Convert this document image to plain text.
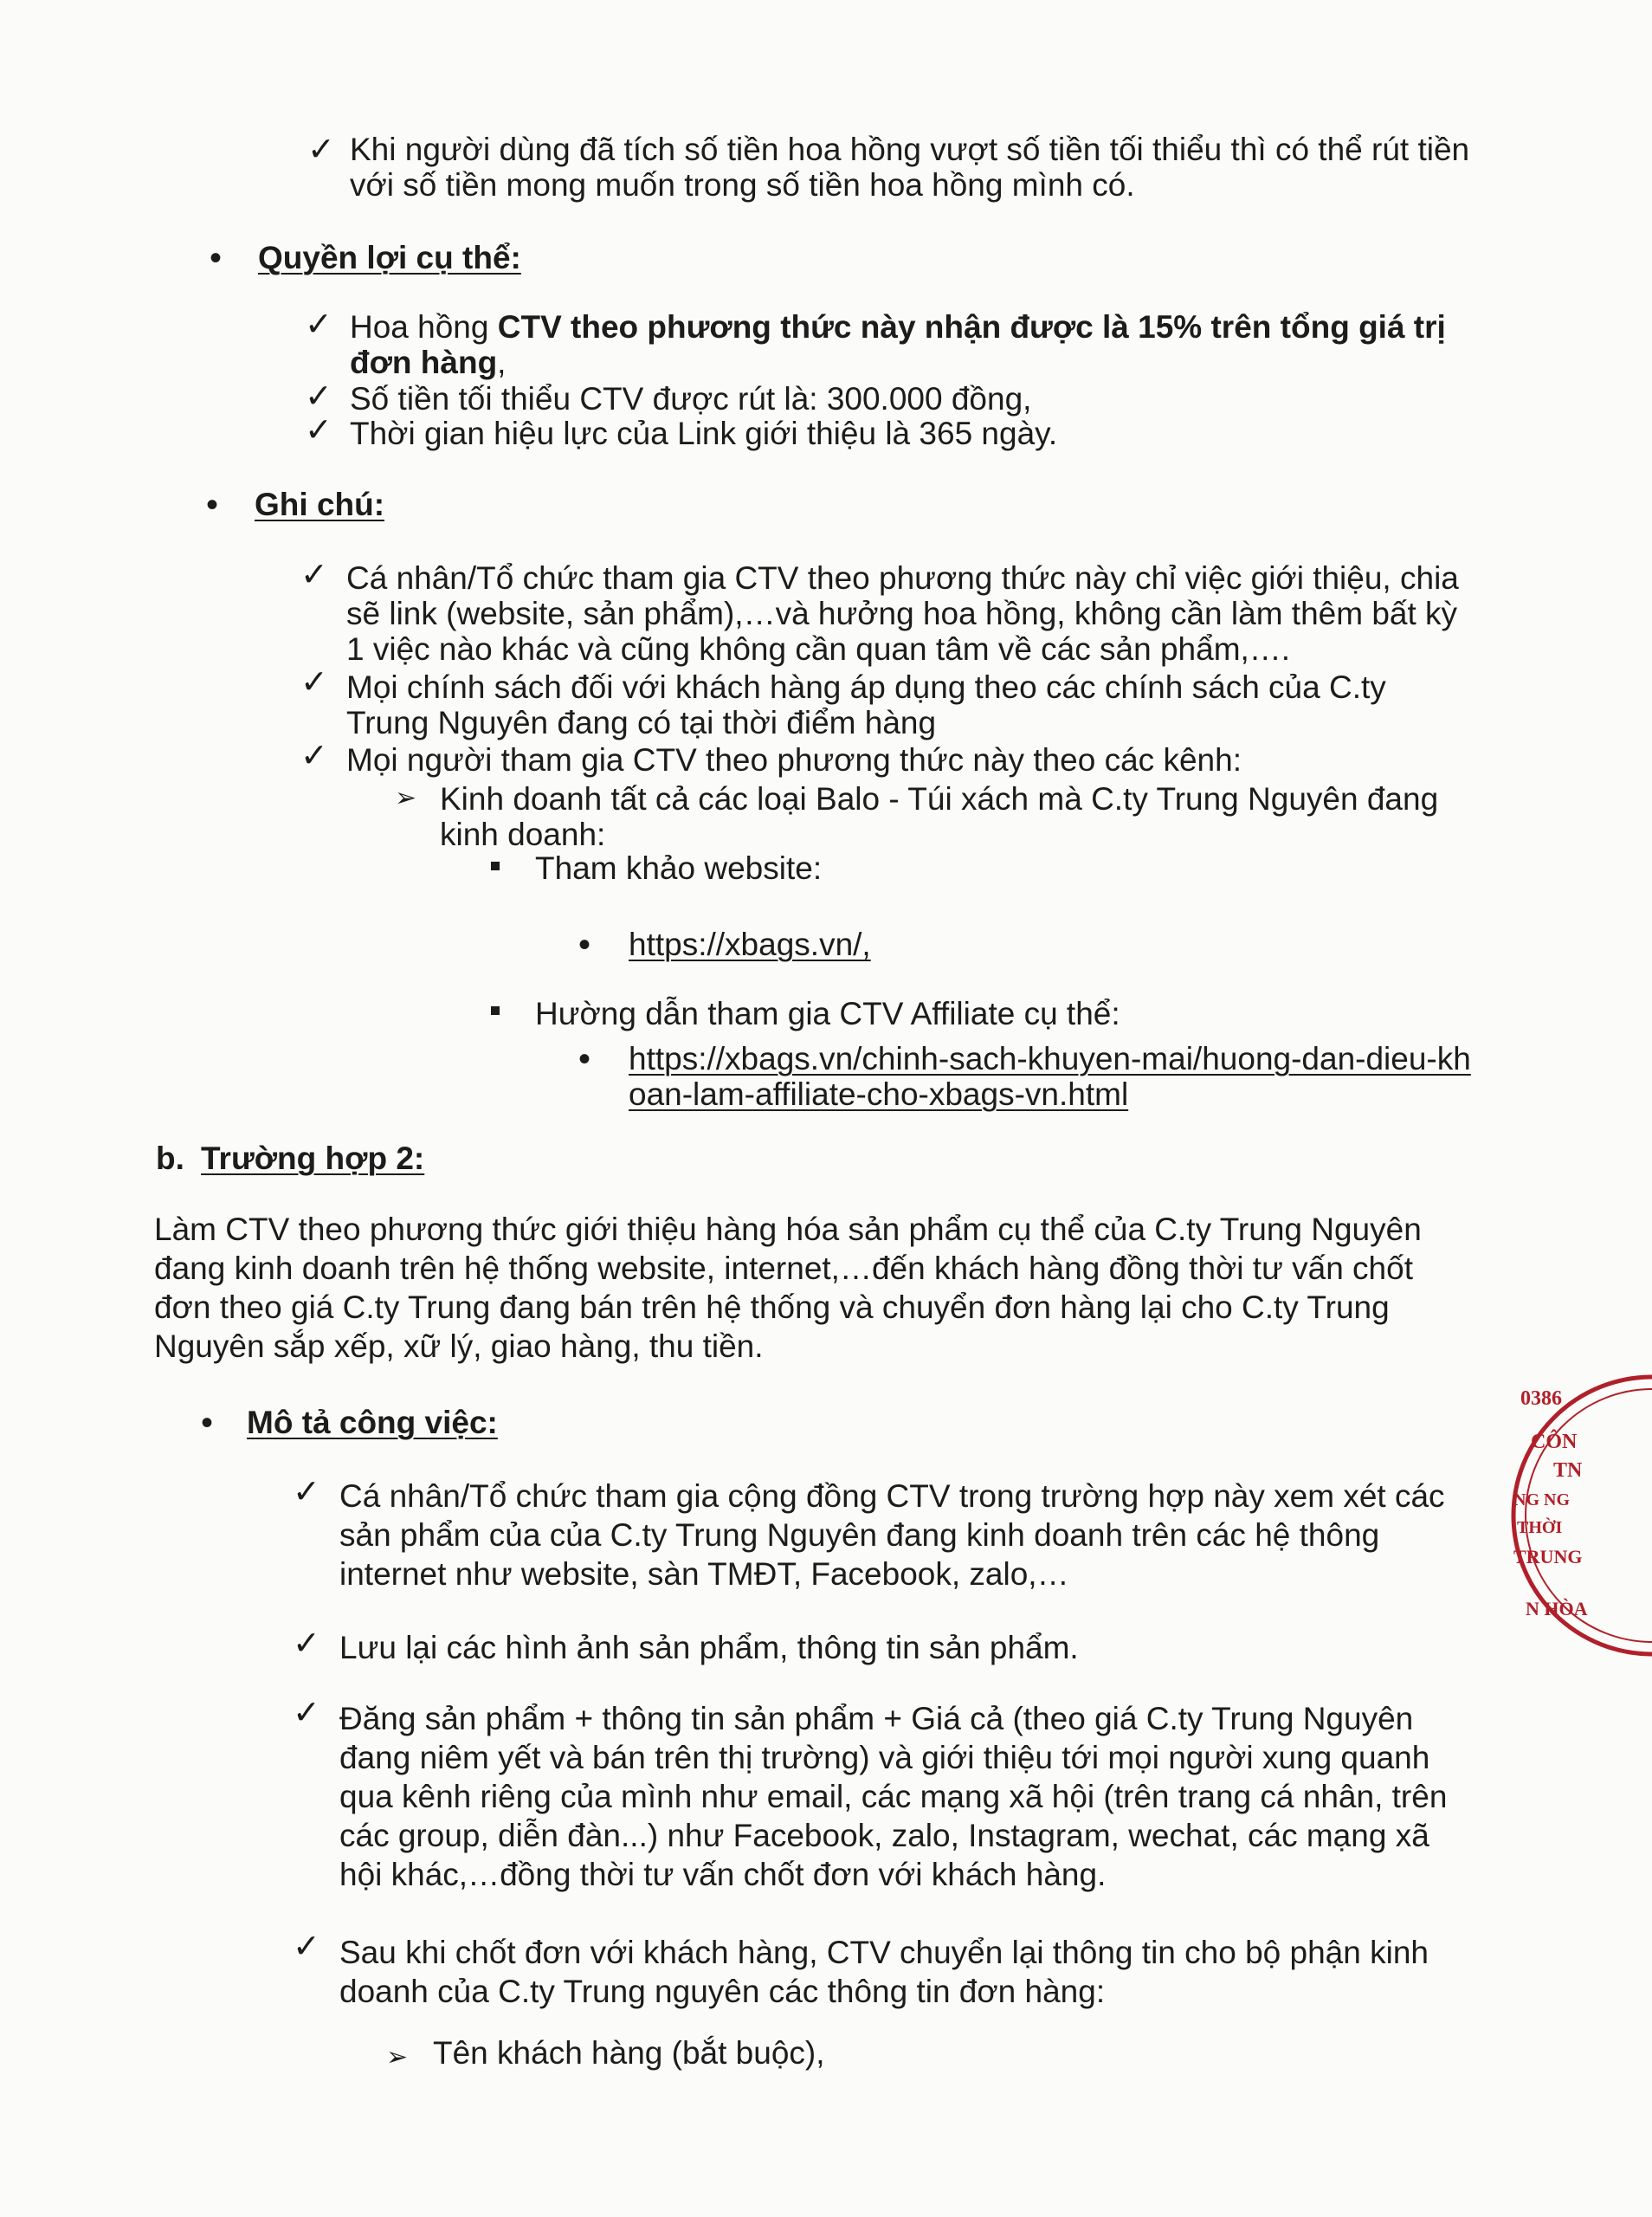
✓ Khi người dùng đã tích số tiền hoa hồng vượt số tiền tối thiểu thì có thể rút tiền với số tiền mong muốn trong số tiền hoa hồng mình có.
• Quyền lợi cụ thể:
✓ Hoa hồng CTV theo phương thức này nhận được là 15% trên tổng giá trị đơn hàng,
✓ Số tiền tối thiểu CTV được rút là: 300.000 đồng,
✓ Thời gian hiệu lực của Link giới thiệu là 365 ngày.
• Ghi chú:
✓ Cá nhân/Tổ chức tham gia CTV theo phương thức này chỉ việc giới thiệu, chia sẽ link (website, sản phẩm),…và hưởng hoa hồng, không cần làm thêm bất kỳ 1 việc nào khác và cũng không cần quan tâm về các sản phẩm,….
✓ Mọi chính sách đối với khách hàng áp dụng theo các chính sách của C.ty Trung Nguyên đang có tại thời điểm hàng
✓ Mọi người tham gia CTV theo phương thức này theo các kênh:
➢ Kinh doanh tất cả các loại Balo - Túi xách mà C.ty Trung Nguyên đang kinh doanh:
Tham khảo website:
• https://xbags.vn/,
Hường dẫn tham gia CTV Affiliate cụ thể:
• https://xbags.vn/chinh-sach-khuyen-mai/huong-dan-dieu-khoan-lam-affiliate-cho-xbags-vn.html
b. Trường hợp 2:
Làm CTV theo phương thức giới thiệu hàng hóa sản phẩm cụ thể của C.ty Trung Nguyên đang kinh doanh trên hệ thống website, internet,…đến khách hàng đồng thời tư vấn chốt đơn theo giá C.ty Trung đang bán trên hệ thống và chuyển đơn hàng lại cho C.ty Trung Nguyên sắp xếp, xữ lý, giao hàng, thu tiền.
• Mô tả công việc:
✓ Cá nhân/Tổ chức tham gia cộng đồng CTV trong trường hợp này xem xét các sản phẩm của của C.ty Trung Nguyên đang kinh doanh trên các hệ thông internet như website, sàn TMĐT, Facebook, zalo,…
✓ Lưu lại các hình ảnh sản phẩm, thông tin sản phẩm.
✓ Đăng sản phẩm + thông tin sản phẩm + Giá cả (theo giá C.ty Trung Nguyên đang niêm yết và bán trên thị trường) và giới thiệu tới mọi người xung quanh qua kênh riêng của mình như email, các mạng xã hội (trên trang cá nhân, trên các group, diễn đàn...) như Facebook, zalo, Instagram, wechat, các mạng xã hội khác,…đồng thời tư vấn chốt đơn với khách hàng.
✓ Sau khi chốt đơn với khách hàng, CTV chuyển lại thông tin cho bộ phận kinh doanh của C.ty Trung nguyên các thông tin đơn hàng:
➢ Tên khách hàng (bắt buộc),
0386
CÔN
TN
NG NG
THỜI
TRUNG
N HÒA
